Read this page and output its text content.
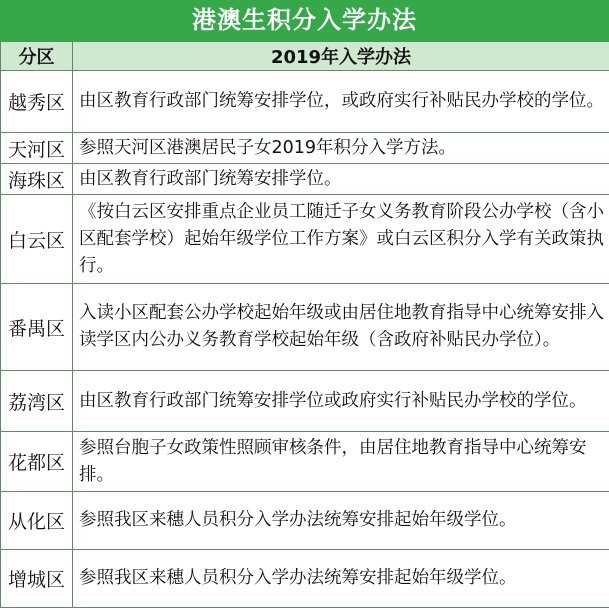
港澳生积分入学办法
分区	2019年入学办法
越秀区	由区教育行政部门统筹安排学位，或政府实行补贴民办学校的学位。
天河区	参照天河区港澳居民子女2019年积分入学方法。
海珠区	由区教育行政部门统筹安排学位。
白云区	《按白云区安排重点企业员工随迁子女义务教育阶段公办学校（含小区配套学校）起始年级学位工作方案》或白云区积分入学有关政策执行。
番禺区	入读小区配套公办学校起始年级或由居住地教育指导中心统筹安排入读学区内公办义务教育学校起始年级（含政府补贴民办学位）。
荔湾区	由区教育行政部门统筹安排学位或政府实行补贴民办学校的学位。
花都区	参照台胞子女政策性照顾审核条件，由居住地教育指导中心统筹安排。
从化区	参照我区来穗人员积分入学办法统筹安排起始年级学位。
增城区	参照我区来穗人员积分入学办法统筹安排起始年级学位。
